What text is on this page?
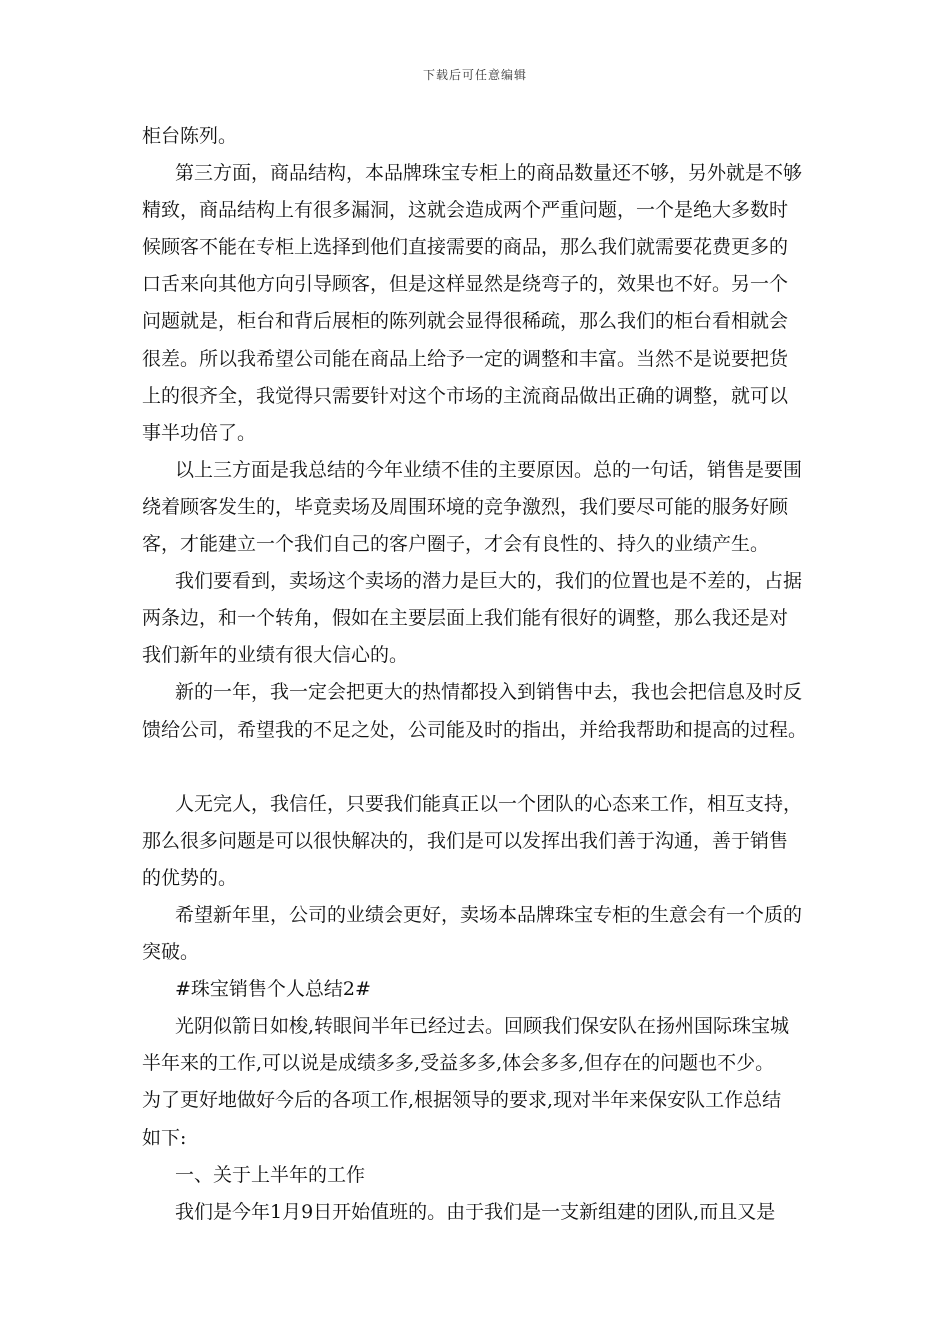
下载后可任意编辑
柜台陈列。
第三方面，商品结构，本品牌珠宝专柜上的商品数量还不够，另外就是不够
精致，商品结构上有很多漏洞，这就会造成两个严重问题，一个是绝大多数时
候顾客不能在专柜上选择到他们直接需要的商品，那么我们就需要花费更多的
口舌来向其他方向引导顾客，但是这样显然是绕弯子的，效果也不好。另一个
问题就是，柜台和背后展柜的陈列就会显得很稀疏，那么我们的柜台看相就会
很差。所以我希望公司能在商品上给予一定的调整和丰富。当然不是说要把货
上的很齐全，我觉得只需要针对这个市场的主流商品做出正确的调整，就可以
事半功倍了。
以上三方面是我总结的今年业绩不佳的主要原因。总的一句话，销售是要围
绕着顾客发生的，毕竟卖场及周围环境的竞争激烈，我们要尽可能的服务好顾
客，才能建立一个我们自己的客户圈子，才会有良性的、持久的业绩产生。
我们要看到，卖场这个卖场的潜力是巨大的，我们的位置也是不差的，占据
两条边，和一个转角，假如在主要层面上我们能有很好的调整，那么我还是对
我们新年的业绩有很大信心的。
新的一年，我一定会把更大的热情都投入到销售中去，我也会把信息及时反
馈给公司，希望我的不足之处，公司能及时的指出，并给我帮助和提高的过程。
人无完人，我信任，只要我们能真正以一个团队的心态来工作，相互支持，
那么很多问题是可以很快解决的，我们是可以发挥出我们善于沟通，善于销售
的优势的。
希望新年里，公司的业绩会更好，卖场本品牌珠宝专柜的生意会有一个质的
突破。
#珠宝销售个人总结2#
光阴似箭日如梭,转眼间半年已经过去。回顾我们保安队在扬州国际珠宝城
半年来的工作,可以说是成绩多多,受益多多,体会多多,但存在的问题也不少。
为了更好地做好今后的各项工作,根据领导的要求,现对半年来保安队工作总结
如下:
一、关于上半年的工作
我们是今年1月9日开始值班的。由于我们是一支新组建的团队,而且又是
